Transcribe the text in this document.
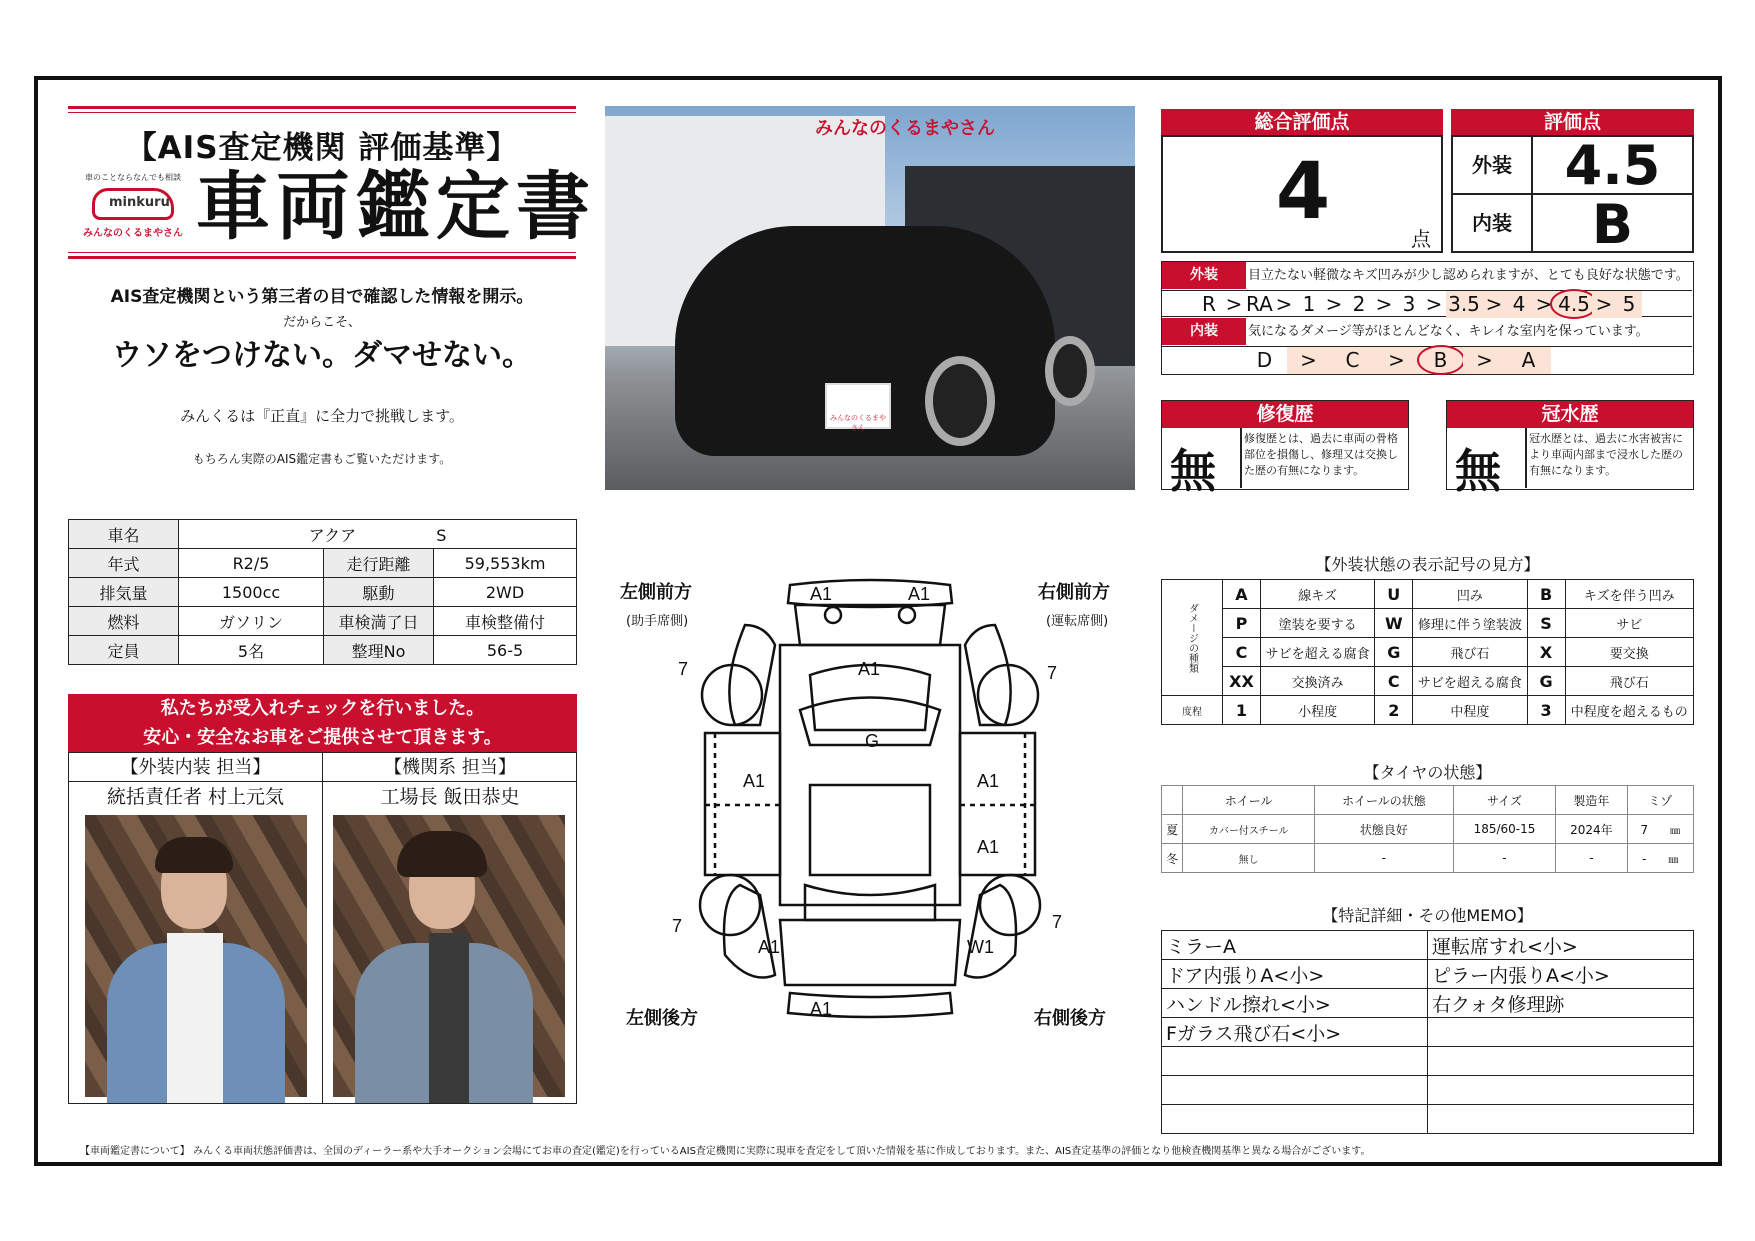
【AIS査定機関 評価基準】
車のことならなんでも相談
minkuru
みんなのくるまやさん 車両鑑定書
AIS査定機関という第三者の目で確認した情報を開示。
だからこそ、
ウソをつけない。ダマせない。
みんくるは『正直』に全力で挑戦します。
もちろん実際のAIS鑑定書もご覧いただけます。
みんなのくるまやさん
みんなのくるまやさん
総合評価点
4
点
評価点
外装 4.5
内装	B
外装	目立たない軽微なキズ凹みが少し認められますが、とても良好な状態です。
R > RA > 1 > 2 > 3 > 3.5 > 4 > 4.5 > 5
内装	気になるダメージ等がほとんどなく、キレイな室内を保っています。
D	>	C	>	B	>	A
修復歴
無
修復歴とは、過去に車両の骨格部位を損傷し、修理又は交換した歴の有無になります。
冠水歴
無
冠水歴とは、過去に水害被害により車両内部まで浸水した歴の有無になります。
車名	アクア S		
年式	R2/5	走行距離	59,553km
排気量	1500cc	駆動	2WD
燃料	ガソリン	車検満了日	車検整備付
定員	5名	整理No	56-5
私たちが受入れチェックを行いました。
安心・安全なお車をご提供させて頂きます。
【外装内装 担当】
統括責任者 村上元気
【機関系 担当】
工場長 飯田恭史
左側前方
(助手席側)
右側前方
(運転席側)
左側後方	右側後方
A1	A1
A1
G
A1	A1
A1
A1	W1
A1
7	7
7	7
【外装状態の表示記号の見方】
ダメージの種類	A	線キズ	U	凹み	B	キズを伴う凹み
	P	塗装を要する	W	修理に伴う塗装波	S	サビ
	C	サビを超える腐食	G	飛び石	X	要交換
	XX	交換済み	C	サビを超える腐食	G	飛び石
度程	1	小程度	2	中程度	3	中程度を超えるもの
【タイヤの状態】
	ホイール	ホイールの状態	サイズ	製造年	ミゾ
夏	カバー付スチール	状態良好	185/60-15	2024年	7 ㎜
冬	無し	-	-	-	- ㎜
【特記詳細・その他MEMO】
ミラーA	運転席すれ<小>
ドア内張りA<小>	ピラー内張りA<小>
ハンドル擦れ<小>	右クォタ修理跡
Fガラス飛び石<小>	

【車両鑑定書について】 みんくる車両状態評価書は、全国のディーラー系や大手オークション会場にてお車の査定(鑑定)を行っているAIS査定機関に実際に現車を査定をして頂いた情報を基に作成しております。また、AIS査定基準の評価となり他検査機関基準と異なる場合がございます。
